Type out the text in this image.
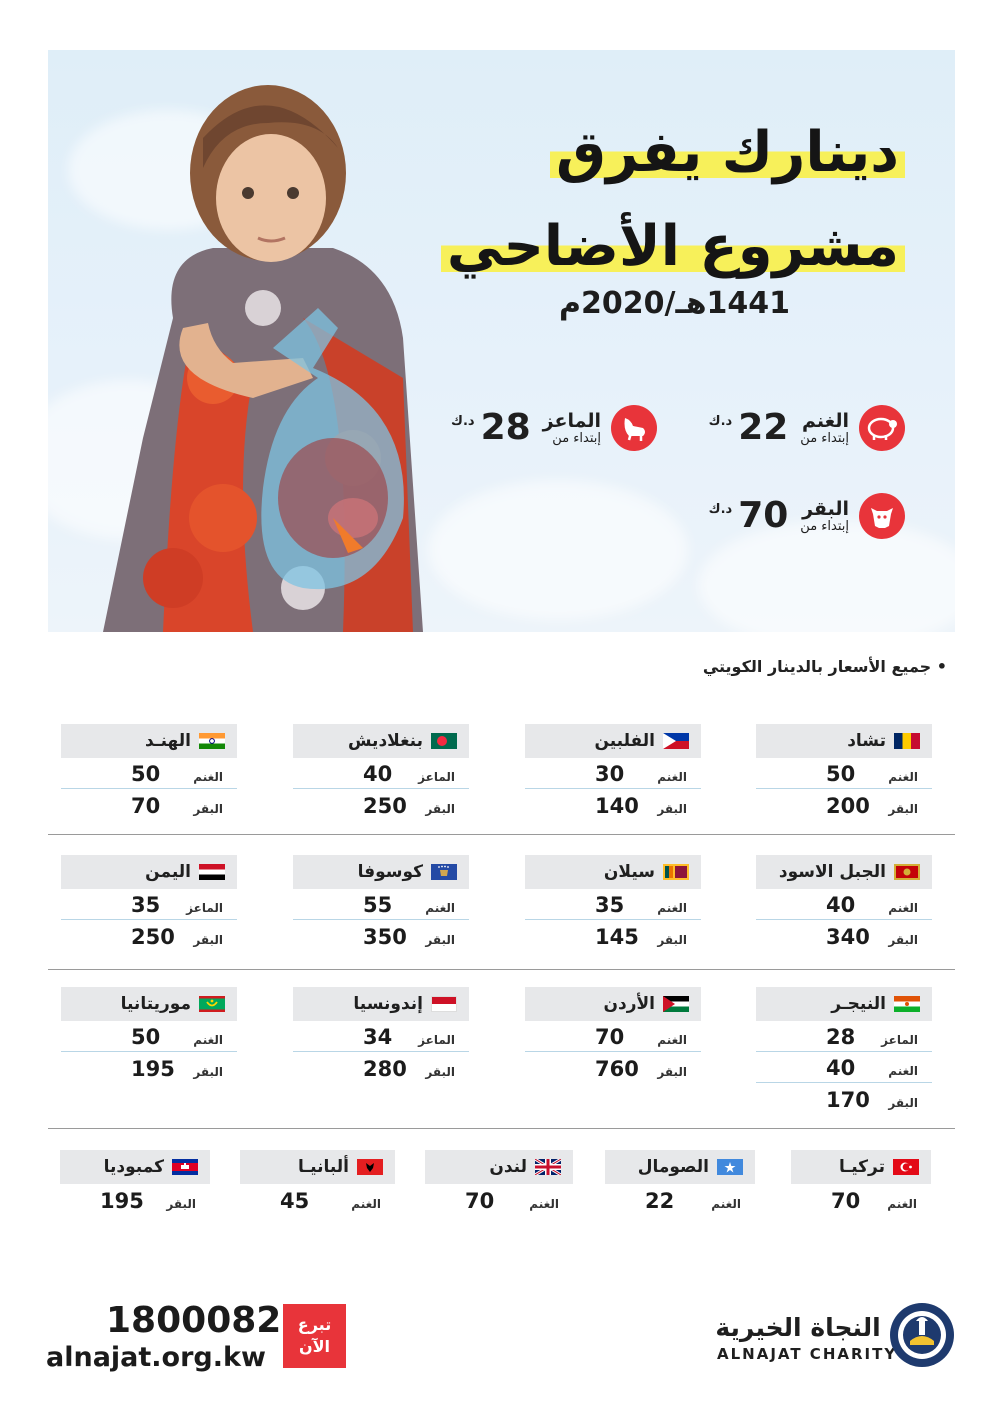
دينارك يفرق
مشروع الأضاحي
1441هـ/2020م
الغنم
إبتداء من
22
د.ك
الماعز
إبتداء من
28
د.ك
البقر
إبتداء من
70
د.ك
• جميع الأسعار بالدينار الكويتي
تشاد
الغنم
50
البقر
200
الفلبين
الغنم
30
البقر
140
بنغلاديش
الماعز
40
البقر
250
الهنـد
الغنم
50
البقر
70
الجبل الاسود
الغنم
40
البقر
340
سيلان
الغنم
35
البقر
145
كوسوفا
الغنم
55
البقر
350
اليمن
الماعز
35
البقر
250
النيجـر
الماعز
28
الغنم
40
البقر
170
الأردن
الغنم
70
البقر
760
إندونسيا
الماعز
34
البقر
280
موريتانيا
الغنم
50
البقر
195
تركيـا
الغنم
70
الصومال
الغنم
22
لندن
الغنم
70
ألبانيـا
الغنم
45
كمبوديا
البقر
195
1800082
alnajat.org.kw
تبرع الآن
النجاة الخيرية
ALNAJAT CHARITY
